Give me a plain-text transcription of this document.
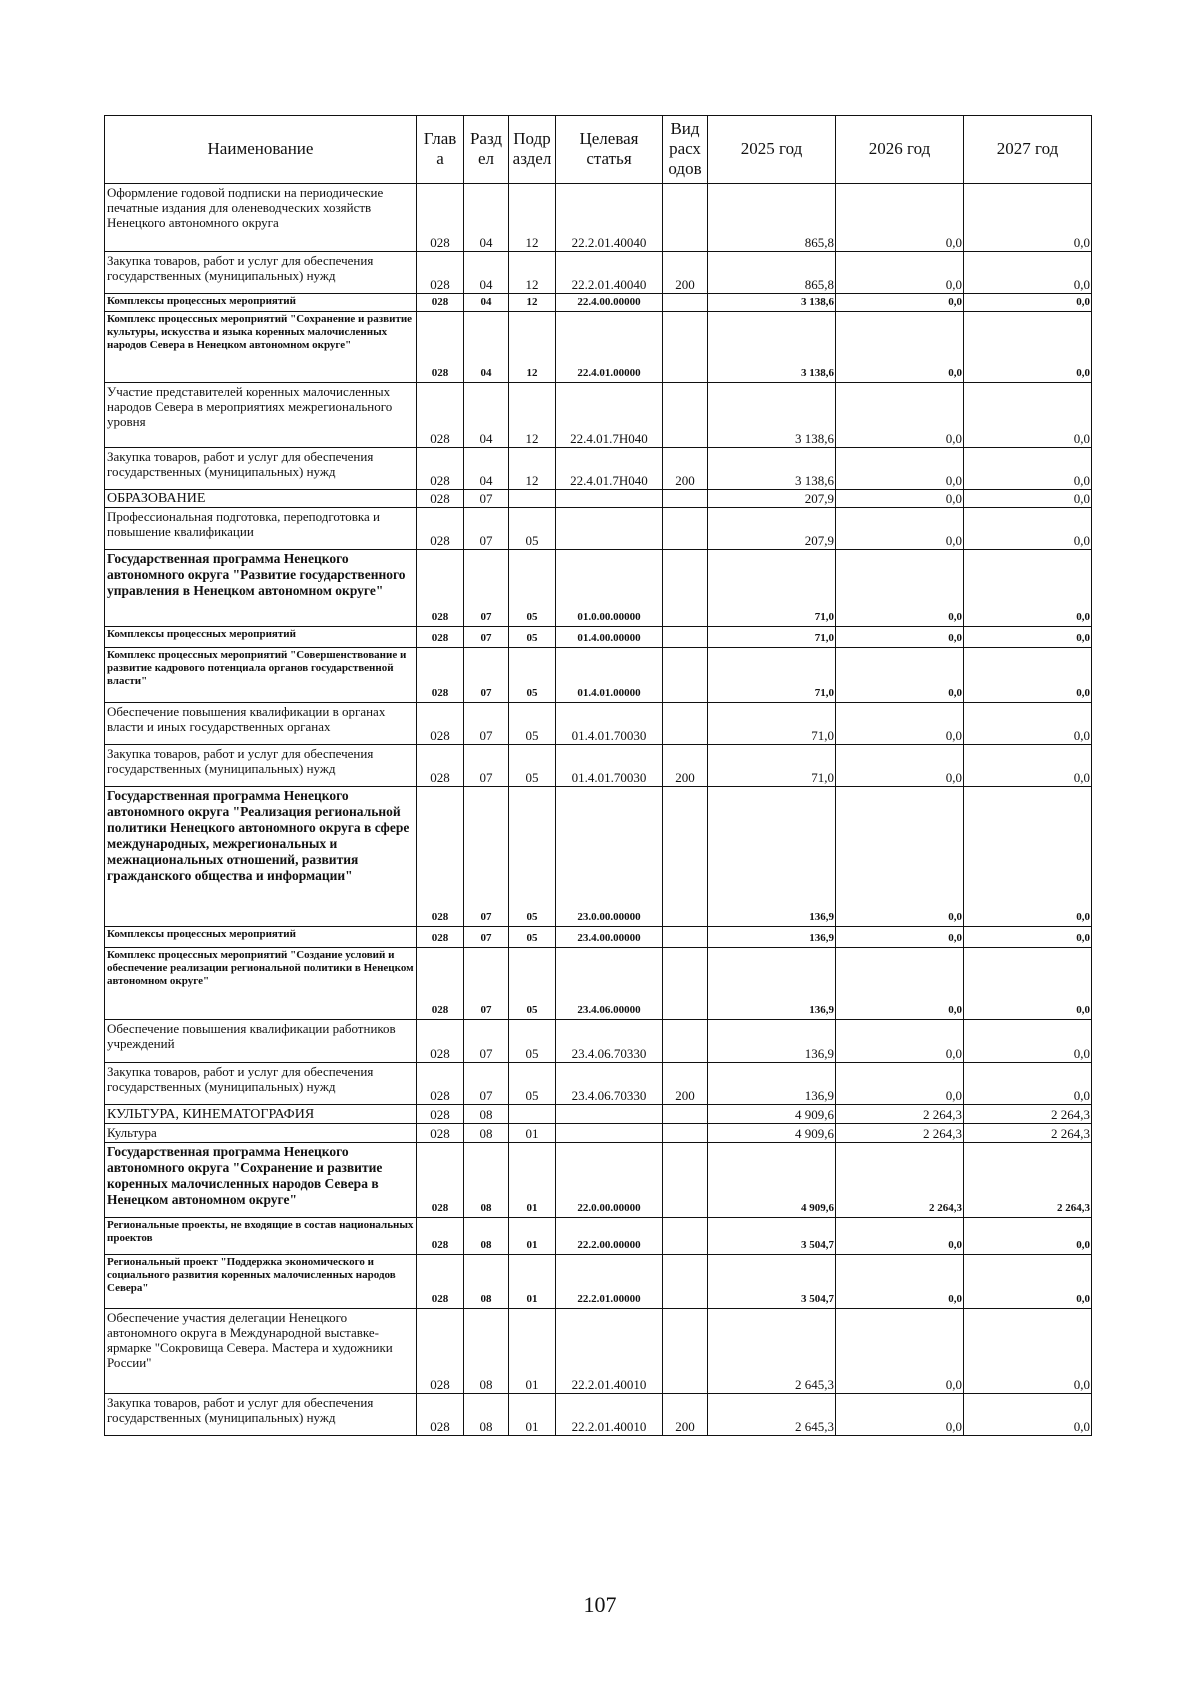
Наименование	Глав а	Разд ел	Подр аздел	Целевая статья	Вид расх одов	2025 год	2026 год	2027 год
Оформление годовой подписки на периодические печатные издания для оленеводческих хозяйств Ненецкого автономного округа	028	04	12	22.2.01.40040		865,8	0,0	0,0
Закупка товаров, работ и услуг для обеспечения государственных (муниципальных) нужд	028	04	12	22.2.01.40040	200	865,8	0,0	0,0
Комплексы процессных мероприятий	028	04	12	22.4.00.00000		3 138,6	0,0	0,0
Комплекс процессных мероприятий "Сохранение и развитие культуры, искусства и языка коренных малочисленных народов Севера в Ненецком автономном округе"	028	04	12	22.4.01.00000		3 138,6	0,0	0,0
Участие представителей коренных малочисленных народов Севера в мероприятиях межрегионального уровня	028	04	12	22.4.01.7Н040		3 138,6	0,0	0,0
Закупка товаров, работ и услуг для обеспечения государственных (муниципальных) нужд	028	04	12	22.4.01.7Н040	200	3 138,6	0,0	0,0
ОБРАЗОВАНИЕ	028	07				207,9	0,0	0,0
Профессиональная подготовка, переподготовка и повышение квалификации	028	07	05			207,9	0,0	0,0
Государственная программа Ненецкого автономного округа "Развитие государственного управления в Ненецком автономном округе"	028	07	05	01.0.00.00000		71,0	0,0	0,0
Комплексы процессных мероприятий	028	07	05	01.4.00.00000		71,0	0,0	0,0
Комплекс процессных мероприятий "Совершенствование и развитие кадрового потенциала органов государственной власти"	028	07	05	01.4.01.00000		71,0	0,0	0,0
Обеспечение повышения квалификации в органах власти и иных государственных органах	028	07	05	01.4.01.70030		71,0	0,0	0,0
Закупка товаров, работ и услуг для обеспечения государственных (муниципальных) нужд	028	07	05	01.4.01.70030	200	71,0	0,0	0,0
Государственная программа Ненецкого автономного округа "Реализация региональной политики Ненецкого автономного округа в сфере международных, межрегиональных и межнациональных отношений, развития гражданского общества и информации"	028	07	05	23.0.00.00000		136,9	0,0	0,0
Комплексы процессных мероприятий	028	07	05	23.4.00.00000		136,9	0,0	0,0
Комплекс процессных мероприятий "Создание условий и обеспечение реализации региональной политики в Ненецком автономном округе"	028	07	05	23.4.06.00000		136,9	0,0	0,0
Обеспечение повышения квалификации работников учреждений	028	07	05	23.4.06.70330		136,9	0,0	0,0
Закупка товаров, работ и услуг для обеспечения государственных (муниципальных) нужд	028	07	05	23.4.06.70330	200	136,9	0,0	0,0
КУЛЬТУРА, КИНЕМАТОГРАФИЯ	028	08				4 909,6	2 264,3	2 264,3
Культура	028	08	01			4 909,6	2 264,3	2 264,3
Государственная программа Ненецкого автономного округа "Сохранение и развитие коренных малочисленных народов Севера в Ненецком автономном округе"	028	08	01	22.0.00.00000		4 909,6	2 264,3	2 264,3
Региональные проекты, не входящие в состав национальных проектов	028	08	01	22.2.00.00000		3 504,7	0,0	0,0
Региональный проект "Поддержка экономического и социального развития коренных малочисленных народов Севера"	028	08	01	22.2.01.00000		3 504,7	0,0	0,0
Обеспечение участия делегации Ненецкого автономного округа в Международной выставке-ярмарке "Сокровища Севера. Мастера и художники России"	028	08	01	22.2.01.40010		2 645,3	0,0	0,0
Закупка товаров, работ и услуг для обеспечения государственных (муниципальных) нужд	028	08	01	22.2.01.40010	200	2 645,3	0,0	0,0
107
